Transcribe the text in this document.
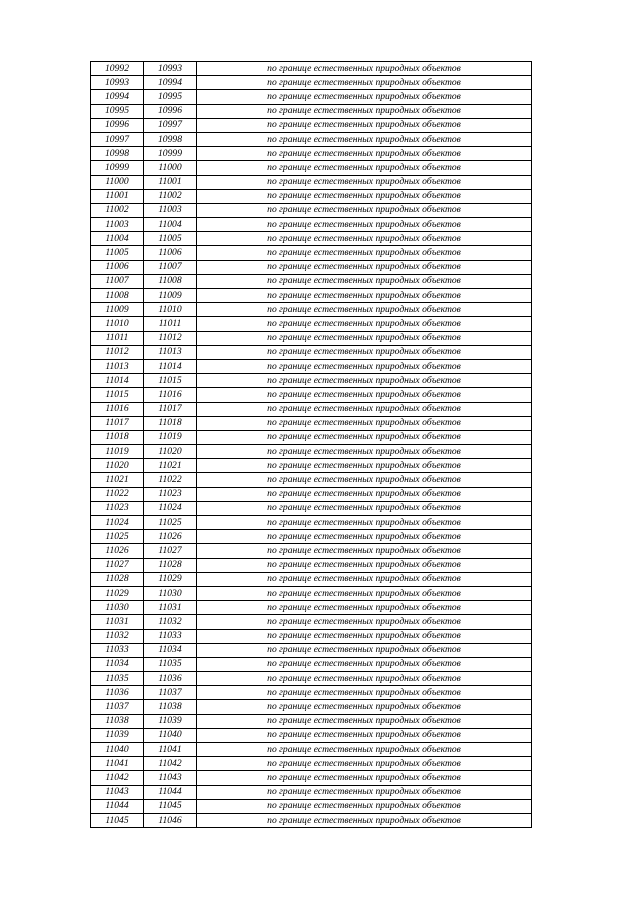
10992	10993	по границе естественных природных объектов
10993	10994	по границе естественных природных объектов
10994	10995	по границе естественных природных объектов
10995	10996	по границе естественных природных объектов
10996	10997	по границе естественных природных объектов
10997	10998	по границе естественных природных объектов
10998	10999	по границе естественных природных объектов
10999	11000	по границе естественных природных объектов
11000	11001	по границе естественных природных объектов
11001	11002	по границе естественных природных объектов
11002	11003	по границе естественных природных объектов
11003	11004	по границе естественных природных объектов
11004	11005	по границе естественных природных объектов
11005	11006	по границе естественных природных объектов
11006	11007	по границе естественных природных объектов
11007	11008	по границе естественных природных объектов
11008	11009	по границе естественных природных объектов
11009	11010	по границе естественных природных объектов
11010	11011	по границе естественных природных объектов
11011	11012	по границе естественных природных объектов
11012	11013	по границе естественных природных объектов
11013	11014	по границе естественных природных объектов
11014	11015	по границе естественных природных объектов
11015	11016	по границе естественных природных объектов
11016	11017	по границе естественных природных объектов
11017	11018	по границе естественных природных объектов
11018	11019	по границе естественных природных объектов
11019	11020	по границе естественных природных объектов
11020	11021	по границе естественных природных объектов
11021	11022	по границе естественных природных объектов
11022	11023	по границе естественных природных объектов
11023	11024	по границе естественных природных объектов
11024	11025	по границе естественных природных объектов
11025	11026	по границе естественных природных объектов
11026	11027	по границе естественных природных объектов
11027	11028	по границе естественных природных объектов
11028	11029	по границе естественных природных объектов
11029	11030	по границе естественных природных объектов
11030	11031	по границе естественных природных объектов
11031	11032	по границе естественных природных объектов
11032	11033	по границе естественных природных объектов
11033	11034	по границе естественных природных объектов
11034	11035	по границе естественных природных объектов
11035	11036	по границе естественных природных объектов
11036	11037	по границе естественных природных объектов
11037	11038	по границе естественных природных объектов
11038	11039	по границе естественных природных объектов
11039	11040	по границе естественных природных объектов
11040	11041	по границе естественных природных объектов
11041	11042	по границе естественных природных объектов
11042	11043	по границе естественных природных объектов
11043	11044	по границе естественных природных объектов
11044	11045	по границе естественных природных объектов
11045	11046	по границе естественных природных объектов
